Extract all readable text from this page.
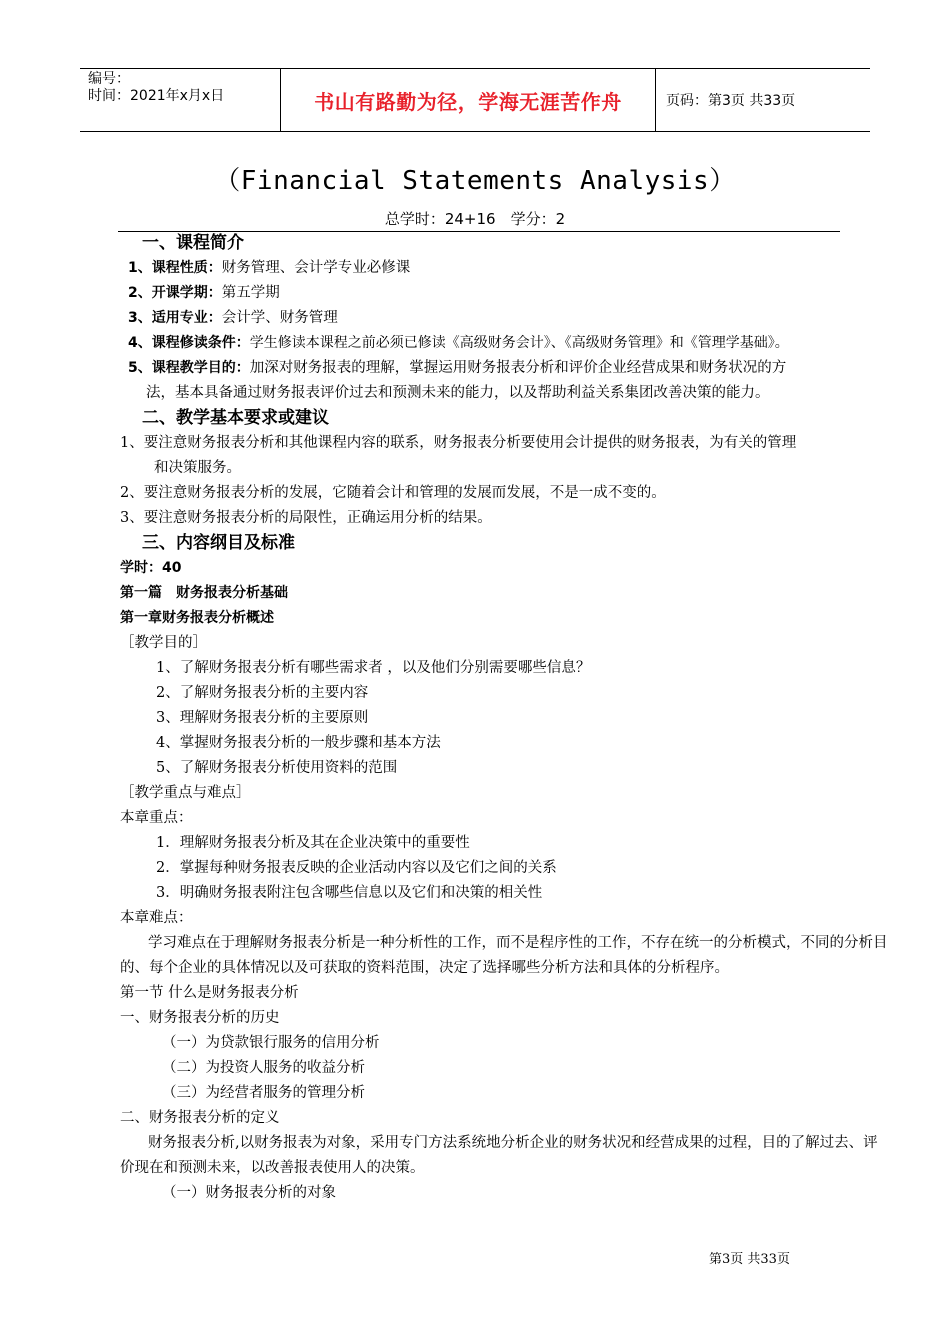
编号：
时间：2021年x月x日	书山有路勤为径，学海无涯苦作舟	页码：第3页 共33页
（Financial Statements Analysis）
总学时：24+16　学分：2
一、课程简介
1、课程性质：财务管理、会计学专业必修课
2、开课学期：第五学期
3、适用专业：会计学、财务管理
4、课程修读条件：学生修读本课程之前必须已修读《高级财务会计》、《高级财务管理》和《管理学基础》。
5、课程教学目的：加深对财务报表的理解，掌握运用财务报表分析和评价企业经营成果和财务状况的方
法，基本具备通过财务报表评价过去和预测未来的能力，以及帮助利益关系集团改善决策的能力。
二、教学基本要求或建议
1、要注意财务报表分析和其他课程内容的联系，财务报表分析要使用会计提供的财务报表，为有关的管理
和决策服务。
2、要注意财务报表分析的发展，它随着会计和管理的发展而发展，不是一成不变的。
3、要注意财务报表分析的局限性，正确运用分析的结果。
三、内容纲目及标准
学时：40
第一篇　财务报表分析基础
第一章财务报表分析概述
［教学目的］
1、了解财务报表分析有哪些需求者 ，以及他们分别需要哪些信息？
2、了解财务报表分析的主要内容
3、理解财务报表分析的主要原则
4、掌握财务报表分析的一般步骤和基本方法
5、了解财务报表分析使用资料的范围
［教学重点与难点］
本章重点：
1．理解财务报表分析及其在企业决策中的重要性
2．掌握每种财务报表反映的企业活动内容以及它们之间的关系
3．明确财务报表附注包含哪些信息以及它们和决策的相关性
本章难点：
学习难点在于理解财务报表分析是一种分析性的工作，而不是程序性的工作，不存在统一的分析模式，不同的分析目的、每个企业的具体情况以及可获取的资料范围，决定了选择哪些分析方法和具体的分析程序。
第一节 什么是财务报表分析
一、财务报表分析的历史
（一）为贷款银行服务的信用分析
（二）为投资人服务的收益分析
（三）为经营者服务的管理分析
二、财务报表分析的定义
财务报表分析,以财务报表为对象，采用专门方法系统地分析企业的财务状况和经营成果的过程，目的了解过去、评价现在和预测未来，以改善报表使用人的决策。
（一）财务报表分析的对象
第3页 共33页
